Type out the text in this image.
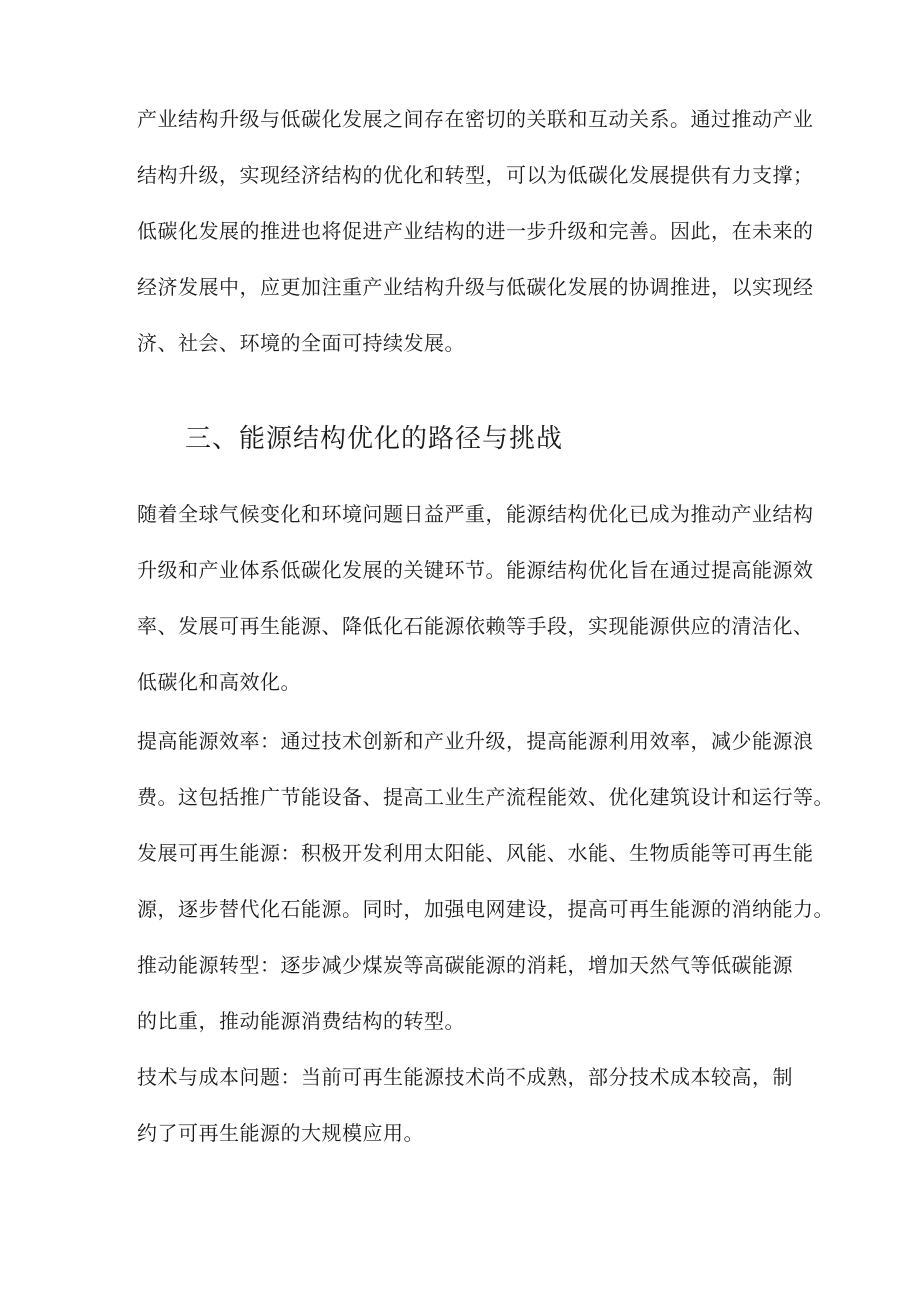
产业结构升级与低碳化发展之间存在密切的关联和互动关系。通过推动产业
结构升级，实现经济结构的优化和转型，可以为低碳化发展提供有力支撑；
低碳化发展的推进也将促进产业结构的进一步升级和完善。因此，在未来的
经济发展中，应更加注重产业结构升级与低碳化发展的协调推进，以实现经
济、社会、环境的全面可持续发展。
三、能源结构优化的路径与挑战
随着全球气候变化和环境问题日益严重，能源结构优化已成为推动产业结构
升级和产业体系低碳化发展的关键环节。能源结构优化旨在通过提高能源效
率、发展可再生能源、降低化石能源依赖等手段，实现能源供应的清洁化、
低碳化和高效化。
提高能源效率：通过技术创新和产业升级，提高能源利用效率，减少能源浪
费。这包括推广节能设备、提高工业生产流程能效、优化建筑设计和运行等。
发展可再生能源：积极开发利用太阳能、风能、水能、生物质能等可再生能
源，逐步替代化石能源。同时，加强电网建设，提高可再生能源的消纳能力。
推动能源转型：逐步减少煤炭等高碳能源的消耗，增加天然气等低碳能源
的比重，推动能源消费结构的转型。
技术与成本问题：当前可再生能源技术尚不成熟，部分技术成本较高，制
约了可再生能源的大规模应用。
